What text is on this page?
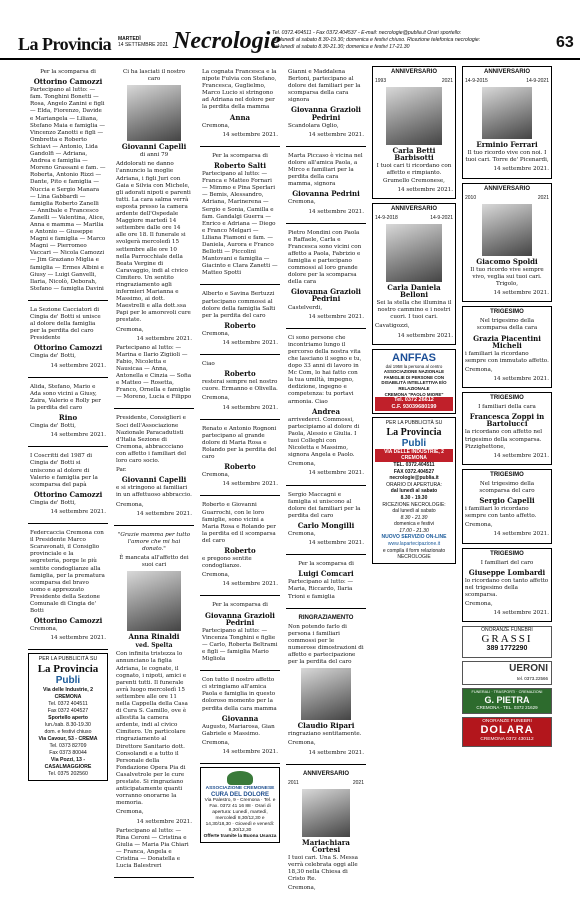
La Provincia MARTEDÌ
14 SETTEMBRE 2021 Necrologie
Tel. 0372.404511 - Fax 0372.404537 - E-mail: necrologie@publia.it Orari sportello:
dal lunedì al sabato 8.30-19.30; domenica e festivi chiuso. Ricezione telefonica necrologie:
dal lunedì al sabato 8.30-21.30; domenica e festivi 17-21.30	63

Per la scomparsa di

Ottorino Camozzi

Partecipano al lutto: — fam. Tonghini Bonetti — Rosa, Angelo Zanini e figli — Elda, Fiorenzo, Davide e Mariangela — Liliana, Stefano Maia e famiglia — Vincenzo Zanotti e figli — Ombretta e Roberto Schiavi — Antonio, Lida Gandolfi — Adriana, Andrea e famiglia — Moreno Grassani e fam. — Roberta, Antonio Rizzi — Dante, Pito e famiglia — Nuccia e Sergio Manara — Lina Gabbardi — famiglia Roberto Zanelli — Annibale e Francesco Zanelli — Valentina, Alice, Anna e mamma — Marilia e Antonio — Giuseppe Magni e famiglia — Marco Magni — Pierromeo Vaccari — Nicola Camozzi — Jim Graziano Miglia e famiglia — Ermes Albini e Giusy — Luigi Ganvelli, Ilaria, Nicolò, Deborah, Stefano — famiglia Davini

La Sezione Cacciatori di Cingia de' Botti si unisce al dolore della famiglia per la perdita del caro Presidente

Ottorino Camozzi

Cingia de' Botti,

14 settembre 2021.

Alida, Stefano, Mario e Ada sono vicini a Giusy, Zaira, Valerio e Rolly per la perdita del caro

Rino

Cingia de' Botti,

14 settembre 2021.

I Coscritti del 1987 di Cingia de' Botti si uniscono al dolore di Valerio e famiglia per la scomparsa del papà

Ottorino Camozzi

Cingia de' Botti,

14 settembre 2021.

Federcaccia Cremona con il Presidente Marco Scaravonati, il Consiglio provinciale e la segreteria, porge le più sentite condoglianze alla famiglia, per la prematura scomparsa del bravo uomo e apprezzato Presidente della Sezione Comunale di Cingia de' Botti

Ottorino Camozzi

Cremona,

14 settembre 2021.

PER LA PUBBLICITÀ SU
La Provincia
Publi
Via delle Industrie, 2
CREMONA
Tel. 0372 404511
Fax 0372 404527
Sportello aperto
lun./sab. 8.30-19.30
dom. e festivi chiuso
Via Cavour, 53 - CREMA
Tel. 0373 82709
Fax 0373 80044
Via Pozzi, 13 - CASALMAGGIORE
Tel. 0375 202560

Ci ha lasciati il nostro caro

Giovanni Capelli

di anni 79

Addolorati ne danno l'annuncio la moglie Adriana, i figli Juri con Gaia e Silvia con Michele, gli adorati nipoti e parenti tutti. La cara salma verrà esposta presso la camera ardente dell'Ospedale Maggiore martedì 14 settembre dalle ore 14 alle ore 18. Il funerale si svolgerà mercoledì 15 settembre alle ore 10 nella Parrocchiale della Beata Vergine di Caravaggio, indi al civico Cimitero. Un sentito ringraziamento agli infermieri Marianna e Massimo, ai dott. Maestrelli e alla dott.ssa Papi per le amorevoli cure prestate.

Cremona,

14 settembre 2021.

Partecipano al lutto: — Marina e Ilario Zigiioli — Fabio, Nicoletta e Nausicaa — Anna, Antonella e Cinzia — Sofia e Matteo — Rosetta, Franco, Ornella e famiglie — Moreno, Lucia e Filippo

Presidente, Consiglieri e Soci dell'Associazione Nazionale Paracadutisti d'Italia Sezione di Cremona, abbraccciano con affetto i familiari del loro caro socio.

Par.

Giovanni Capelli

e si stringono ai familiari in un affettuoso abbraccio.

Cremona,

14 settembre 2021.

"Grazie mamma per tutto l'amore che mi hai donato."

È mancata all'affetto dei suoi cari

Anna Rinaldi

ved. Spelta

Con infinita tristezza lo annunciano la figlia Adriana, le cognate, il cognato, i nipoti, amici e parenti tutti. Il funerale avrà luogo mercoledì 15 settembre alle ore 11 nella Cappella della Casa di Cura S. Camillo, ove è allestita la camera ardente, indi al civico Cimitero. Un particolare ringraziamento al Direttore Sanitario dott. Consolandi e a tutto il Personale della Fondazione Opera Pia di Casalvetrole per le cure prestate. Si ringraziano anticipatamente quanti vorranno onorarne la memoria.

Cremona,

14 settembre 2021.

Partecipano al lutto: — Rina Ceroni — Cristina e Giulia — Maria Pia Chiari — Franca, Angela e Cristina — Donatella e Lucia Balestreri

La cognata Francesca e la nipote Fulvia con Stefano, Francesca, Guglielmo, Marco Lucio si stringono ad Adriana nel dolore per la perdita della mamma

Anna

Cremona,

14 settembre 2021.

Per la scomparsa di

Roberto Salti

Partecipano al lutto: — Franca e Matteo Fornari — Mimmo e Pina Sperlari — Bemis, Alessandro, Adriana, Marinerena — Sergio e Sonia, Camilla e fam. Gandalgi Guerra — Enrico e Adriana — Diego e Franco Melgari — Liliana Fiamoni e fam. — Daniela, Aurora e Franco Bellotti — Piccolini Mantovani e famiglia — Giacinto e Clara Zanetti — Matteo Spotti

Alberto e Savina Bertuzzi partecipano commossi al dolore della famiglia Salti per la perdita del caro

Roberto

Cremona,

14 settembre 2021.

Ciao

Roberto

resterai sempre nel nostro cuore. Ermanno e Olivella.

Cremona,

14 settembre 2021.

Renato e Antonio Rognoni partecipano al grande dolore di Maria Rosa e Rolando per la perdita del caro

Roberto

Cremona,

14 settembre 2021.

Roberto e Giovanni Guarrochi, con le loro famiglie, sono vicini a Maria Rosa e Rolando per la perdita ed il scomparsa del caro

Roberto

e pregono sentite condoglianze.

Cremona,

14 settembre 2021.

Per la scomparsa di

Giovanna Grazioli Pedrini

Partecipano al lutto: — Vincenza Tonghini e figlie — Carlo, Roberta Beltrami e figli — famiglia Mario Migliola

Con tutto il nostro affetto ci stringiamo all'amica Paola e famiglia in questo doloroso momento per la perdita della cara mamma

Giovanna

Augusto, Mariarosa, Gian Gabriele e Massimo.

Cremona,

14 settembre 2021.

ASSOCIAZIONE CREMONESE
CURA DEL DOLORE
Via Palestro, 9 - Cremona · Tel. e Fax. 0372 41 16 88 · Orari di apertura: Lunedì, martedì, mercoledì 8,30/12,30 e 14,30/18,30 · Giovedì e venerdì: 8,30/12,30
Offerte tramite la Buona Usanza

Gianni e Maddalena Bertoni, partecipano al dolore dei familiari per la scomparsa della cara signora

Giovanna Grazioli Pedrini

Scandolara Oglio,

14 settembre 2021.

Marta Piccaso è vicina nel dolore all'amica Paola, a Mirco e familiari per la perdita della cara mamma, signora

Giovanna Pedrini

Cremona,

14 settembre 2021.

Pietro Mondini con Paola e Raffaele, Carla e Francesca sono vicini con affetto a Paola, Fabrizio e famiglia e partecipano commossi al loro grande dolore per la scomparsa della cara

Giovanna Grazioli Pedrini

Castelverdi,

14 settembre 2021.

Ci sono persone che incontriamo lungo il percorso della nostra vita che lasciano il segno e tu, dopo 33 anni di lavoro in Mc Com, lo hai fatto con la tua umiltà, impegno, dedizione, ingegno e competenza: tu portavi armonia. Ciao

Andrea

arrivederci. Commossi, partecipiamo al dolore di Paola, Alessio e Giulia. I tuoi Colleghi con Nicoletta e Massimo, signora Angela e Paolo.

Cremona,

14 settembre 2021.

Sergio Maccagni e famiglia si uniscono al dolore dei familiari per la perdita del caro

Carlo Mongilli

Cremona,

14 settembre 2021.

Per la scomparsa di

Luigi Comcari

Partecipano al lutto: — Maria, Riccardo, Ilaria Trioni e famiglia

RINGRAZIAMENTO

Non potendo farlo di persona i familiari commossi per le numerose dimostrazioni di affetto e partecipazione per la perdita del caro

Claudio Ripari

ringraziano sentitamente.

Cremona,

14 settembre 2021.

ANNIVERSARIO

2011	2021

Mariachiara Cortesi

I tuoi cari. Una S. Messa verrà celebrata oggi alle 18,30 nella Chiesa di Cristo Re.

Cremona,

ANNIVERSARIO

1993	2021

Carla Betti Barbisotti

I tuoi cari ti ricordano con affetto e rimpianto. Grumello Cremonese,

14 settembre 2021.

ANNIVERSARIO

14-9-2018	14-9-2021

Carla Daniela Belloni

Sei la stella che illumina il nostro cammino e i nostri cuori. I tuoi cari.

Cavatigozzi,

14 settembre 2021.

ANFFAS
dal 1958 la persona al centro
ASSOCIAZIONE NAZIONALE FAMIGLIE DI PERSONE CON DISABILITÀ INTELLETTIVA E/O RELAZIONALE
CREMONA "PAOLO MIORE"
Tel. 0372 26612
C.F. 93039680199
PER LA PUBBLICITÀ SU
La Provincia
Publi
VIA DELLE INDUSTRIE, 2
CREMONA
TEL. 0372.404511
FAX 0372.404527
necrologie@publia.it
ORARIO DI APERTURA:
dal lunedì al sabato
8.30 - 19.30
RICEZIONE NECROLOGIE:
dal lunedì al sabato
8.30 - 21.30
domenica e festivi
17.00 - 21.30
NUOVO SERVIZIO ON-LINE
www.lapartecipazione.it
e compila il form relazionato NECROLOGIE

ANNIVERSARIO

14-9-2015	14-9-2021

Erminio Ferrari

Il tuo ricordo vive con noi. I tuoi cari. Torre de' Picenardi,

14 settembre 2021.

ANNIVERSARIO

2010	2021

Giacomo Spoldi

Il tuo ricordo vive sempre vivo, veglia sui tuoi cari. Trigolo,

14 settembre 2021.

TRIGESIMO

Nel trigesimo della scomparsa della cara

Grazia Piacentini Micheli

i familiari la ricordano sempre con immutato affetto.

Cremona,

14 settembre 2021.

TRIGESIMO

I familiari della cara

Francesca Zoppi in Bartolucci

la ricordano con affetto nel trigesimo della scomparsa. Pizzighettone,

14 settembre 2021.

TRIGESIMO

Nel trigesimo della scomparsa del caro

Sergio Capelli

i familiari lo ricordano sempre con tanto affetto.

Cremona,

14 settembre 2021.

TRIGESIMO

I familiari del caro

Giuseppe Lombardi

lo ricordano con tanto affetto nel trigesimo della scomparsa.

Cremona,

14 settembre 2021.

ONORANZE FUNEBRI
GRASSI
389 1772290
UERONI
tel. 0373.22566
FUNERALI · TRASPORTI · CREMAZIONI
G. PIETRA
CREMONA - TEL. 0372 21629
ONORANZE FUNEBRI
DOLARA
CREMONA 0372 430112
